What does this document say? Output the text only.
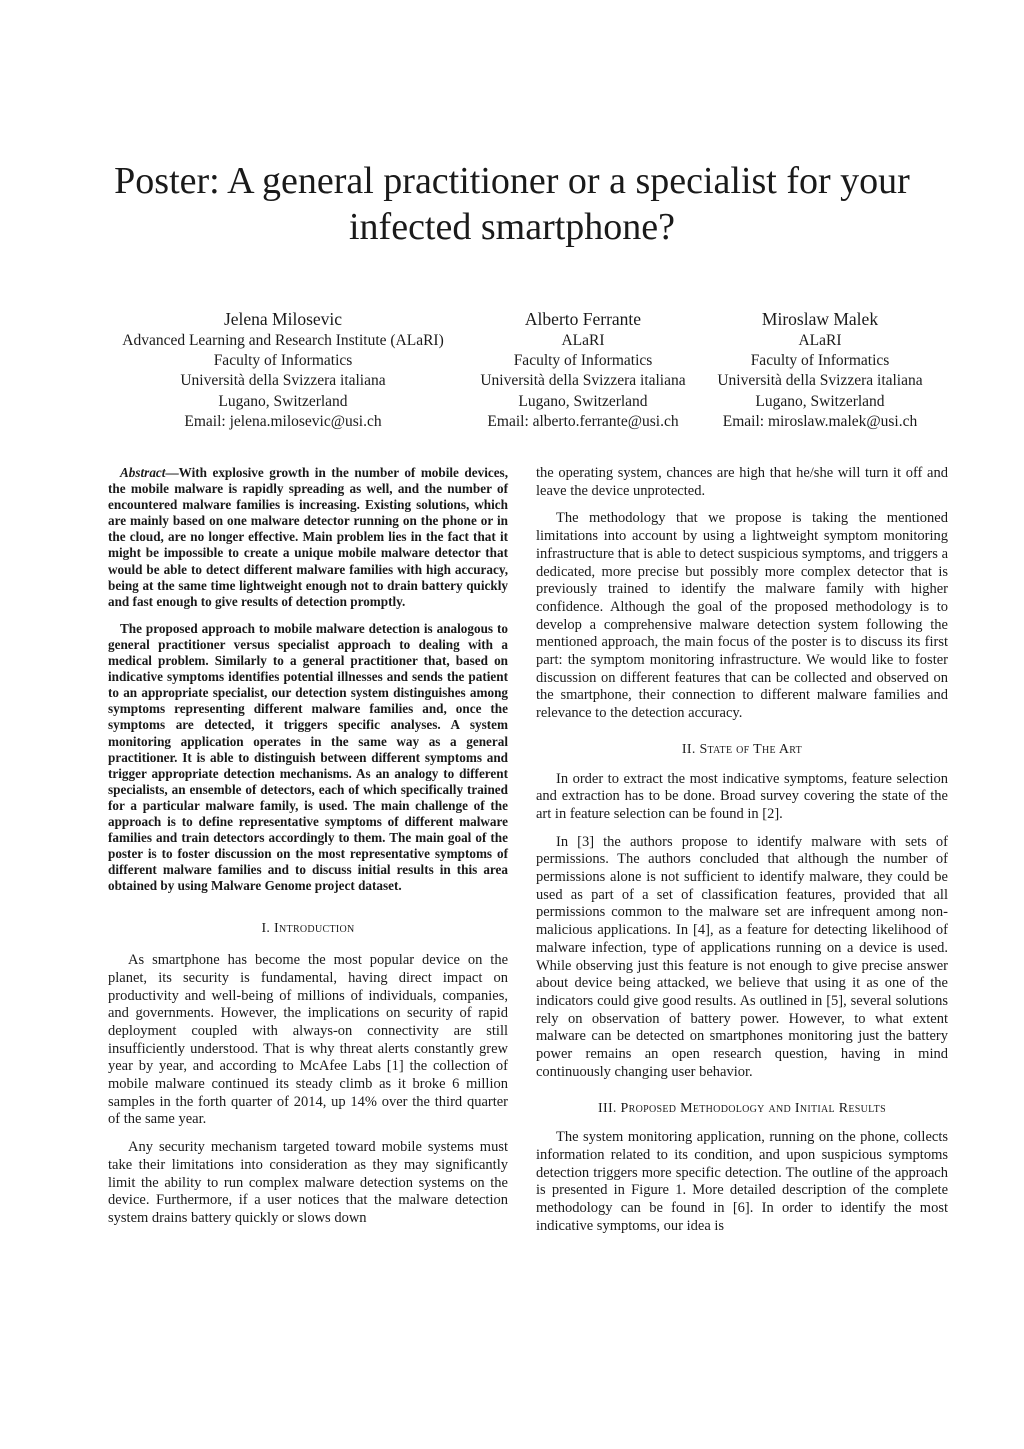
Poster: A general practitioner or a specialist for your
infected smartphone?
Jelena Milosevic
Advanced Learning and Research Institute (ALaRI)
Faculty of Informatics
Università della Svizzera italiana
Lugano, Switzerland
Email: jelena.milosevic@usi.ch
Alberto Ferrante
ALaRI
Faculty of Informatics
Università della Svizzera italiana
Lugano, Switzerland
Email: alberto.ferrante@usi.ch
Miroslaw Malek
ALaRI
Faculty of Informatics
Università della Svizzera italiana
Lugano, Switzerland
Email: miroslaw.malek@usi.ch

Abstract—With explosive growth in the number of mobile devices, the mobile malware is rapidly spreading as well, and the number of encountered malware families is increasing. Existing solutions, which are mainly based on one malware detector running on the phone or in the cloud, are no longer effective. Main problem lies in the fact that it might be impossible to create a unique mobile malware detector that would be able to detect different malware families with high accuracy, being at the same time lightweight enough not to drain battery quickly and fast enough to give results of detection promptly.

The proposed approach to mobile malware detection is analogous to general practitioner versus specialist approach to dealing with a medical problem. Similarly to a general practitioner that, based on indicative symptoms identifies potential illnesses and sends the patient to an appropriate specialist, our detection system distinguishes among symptoms representing different malware families and, once the symptoms are detected, it triggers specific analyses. A system monitoring application operates in the same way as a general practitioner. It is able to distinguish between different symptoms and trigger appropriate detection mechanisms. As an analogy to different specialists, an ensemble of detectors, each of which specifically trained for a particular malware family, is used. The main challenge of the approach is to define representative symptoms of different malware families and train detectors accordingly to them. The main goal of the poster is to foster discussion on the most representative symptoms of different malware families and to discuss initial results in this area obtained by using Malware Genome project dataset.

I. Introduction

As smartphone has become the most popular device on the planet, its security is fundamental, having direct impact on productivity and well-being of millions of individuals, companies, and governments. However, the implications on security of rapid deployment coupled with always-on connectivity are still insufficiently understood. That is why threat alerts constantly grew year by year, and according to McAfee Labs [1] the collection of mobile malware continued its steady climb as it broke 6 million samples in the forth quarter of 2014, up 14% over the third quarter of the same year.

Any security mechanism targeted toward mobile systems must take their limitations into consideration as they may significantly limit the ability to run complex malware detection systems on the device. Furthermore, if a user notices that the malware detection system drains battery quickly or slows down

the operating system, chances are high that he/she will turn it off and leave the device unprotected.

The methodology that we propose is taking the mentioned limitations into account by using a lightweight symptom monitoring infrastructure that is able to detect suspicious symptoms, and triggers a dedicated, more precise but possibly more complex detector that is previously trained to identify the malware family with higher confidence. Although the goal of the proposed methodology is to develop a comprehensive malware detection system following the mentioned approach, the main focus of the poster is to discuss its first part: the symptom monitoring infrastructure. We would like to foster discussion on different features that can be collected and observed on the smartphone, their connection to different malware families and relevance to the detection accuracy.

II. State of The Art

In order to extract the most indicative symptoms, feature selection and extraction has to be done. Broad survey covering the state of the art in feature selection can be found in [2].

In [3] the authors propose to identify malware with sets of permissions. The authors concluded that although the number of permissions alone is not sufficient to identify malware, they could be used as part of a set of classification features, provided that all permissions common to the malware set are infrequent among non-malicious applications. In [4], as a feature for detecting likelihood of malware infection, type of applications running on a device is used. While observing just this feature is not enough to give precise answer about device being attacked, we believe that using it as one of the indicators could give good results. As outlined in [5], several solutions rely on observation of battery power. However, to what extent malware can be detected on smartphones monitoring just the battery power remains an open research question, having in mind continuously changing user behavior.

III. Proposed Methodology and Initial Results

The system monitoring application, running on the phone, collects information related to its condition, and upon suspicious symptoms detection triggers more specific detection. The outline of the approach is presented in Figure 1. More detailed description of the complete methodology can be found in [6]. In order to identify the most indicative symptoms, our idea is
